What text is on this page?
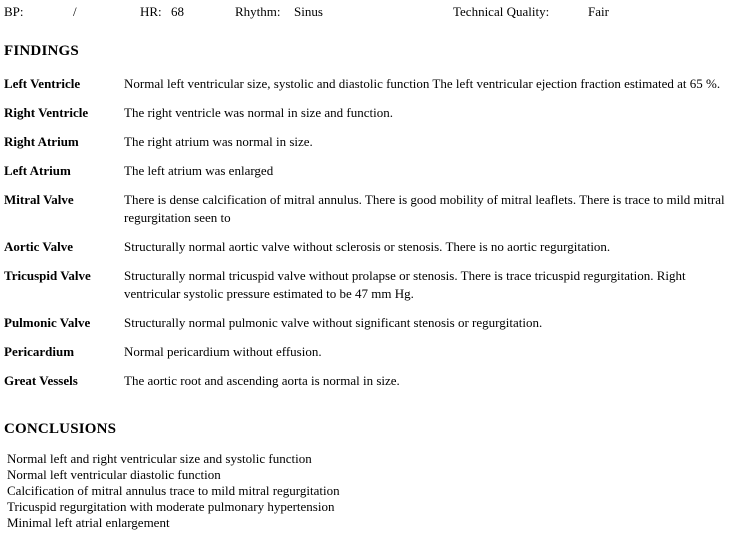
BP:	/	HR: 68	Rhythm: Sinus	Technical Quality:	Fair
FINDINGS
Left Ventricle	Normal left ventricular size, systolic and diastolic function The left ventricular ejection fraction estimated at 65 %.
Right Ventricle	The right ventricle was normal in size and function.
Right Atrium	The right atrium was normal in size.
Left Atrium	The left atrium was enlarged
Mitral Valve	There is dense calcification of mitral annulus. There is good mobility of mitral leaflets. There is trace to mild mitral regurgitation seen to
Aortic Valve	Structurally normal aortic valve without sclerosis or stenosis. There is no aortic regurgitation.
Tricuspid Valve	Structurally normal tricuspid valve without prolapse or stenosis. There is trace tricuspid regurgitation. Right ventricular systolic pressure estimated to be 47 mm Hg.
Pulmonic Valve	Structurally normal pulmonic valve without significant stenosis or regurgitation.
Pericardium	Normal pericardium without effusion.
Great Vessels	The aortic root and ascending aorta is normal in size.
CONCLUSIONS
Normal left and right ventricular size and systolic function
Normal left ventricular diastolic function
Calcification of mitral annulus trace to mild mitral regurgitation
Tricuspid regurgitation with moderate pulmonary hypertension
Minimal left atrial enlargement
